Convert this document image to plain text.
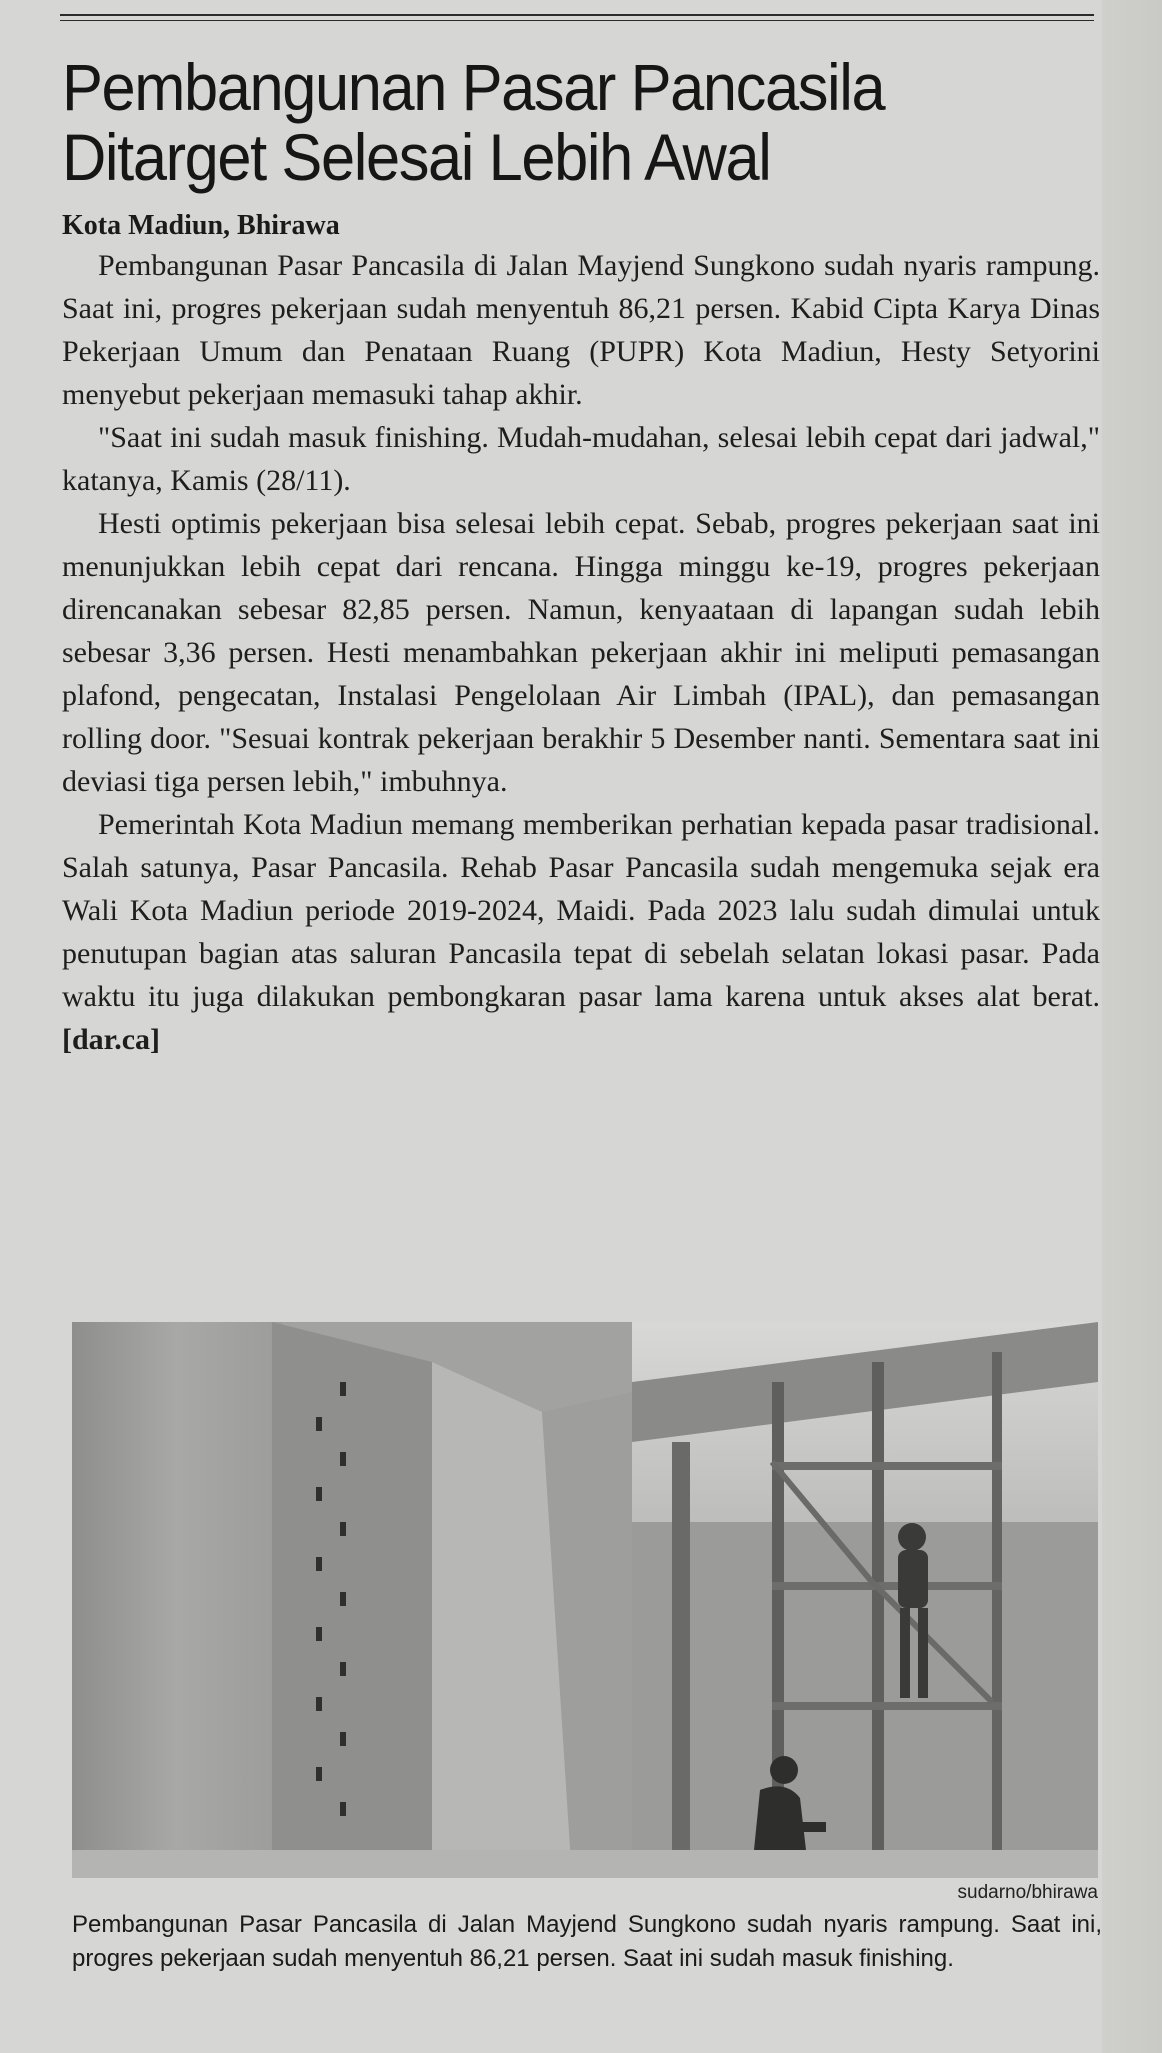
Pembangunan Pasar Pancasila
Ditarget Selesai Lebih Awal
Kota Madiun, Bhirawa

Pembangunan Pasar Pancasila di Jalan Mayjend Sungkono sudah nyaris rampung. Saat ini, progres pekerjaan sudah menyentuh 86,21 persen. Kabid Cipta Karya Dinas Pekerjaan Umum dan Penataan Ruang (PUPR) Kota Madiun, Hesty Setyorini menyebut pekerjaan memasuki tahap akhir.

"Saat ini sudah masuk finishing. Mudah-mudahan, selesai lebih cepat dari jadwal," katanya, Kamis (28/11).

Hesti optimis pekerjaan bisa selesai lebih cepat. Sebab, progres pekerjaan saat ini menunjukkan lebih cepat dari rencana. Hingga minggu ke-19, progres pekerjaan direncanakan sebesar 82,85 persen. Namun, kenyaataan di lapangan sudah lebih sebesar 3,36 persen. Hesti menambahkan pekerjaan akhir ini meliputi pemasangan plafond, pengecatan, Instalasi Pengelolaan Air Limbah (IPAL), dan pemasangan rolling door. "Sesuai kontrak pekerjaan berakhir 5 Desember nanti. Sementara saat ini deviasi tiga persen lebih," imbuhnya.

Pemerintah Kota Madiun memang memberikan perhatian kepada pasar tradisional. Salah satunya, Pasar Pancasila. Rehab Pasar Pancasila sudah mengemuka sejak era Wali Kota Madiun periode 2019-2024, Maidi. Pada 2023 lalu sudah dimulai untuk penutupan bagian atas saluran Pancasila tepat di sebelah selatan lokasi pasar. Pada waktu itu juga dilakukan pembongkaran pasar lama karena untuk akses alat berat. [dar.ca]

sudarno/bhirawa

Pembangunan Pasar Pancasila di Jalan Mayjend Sungkono sudah nyaris rampung. Saat ini, progres pekerjaan sudah menyentuh 86,21 persen. Saat ini sudah masuk finishing.
